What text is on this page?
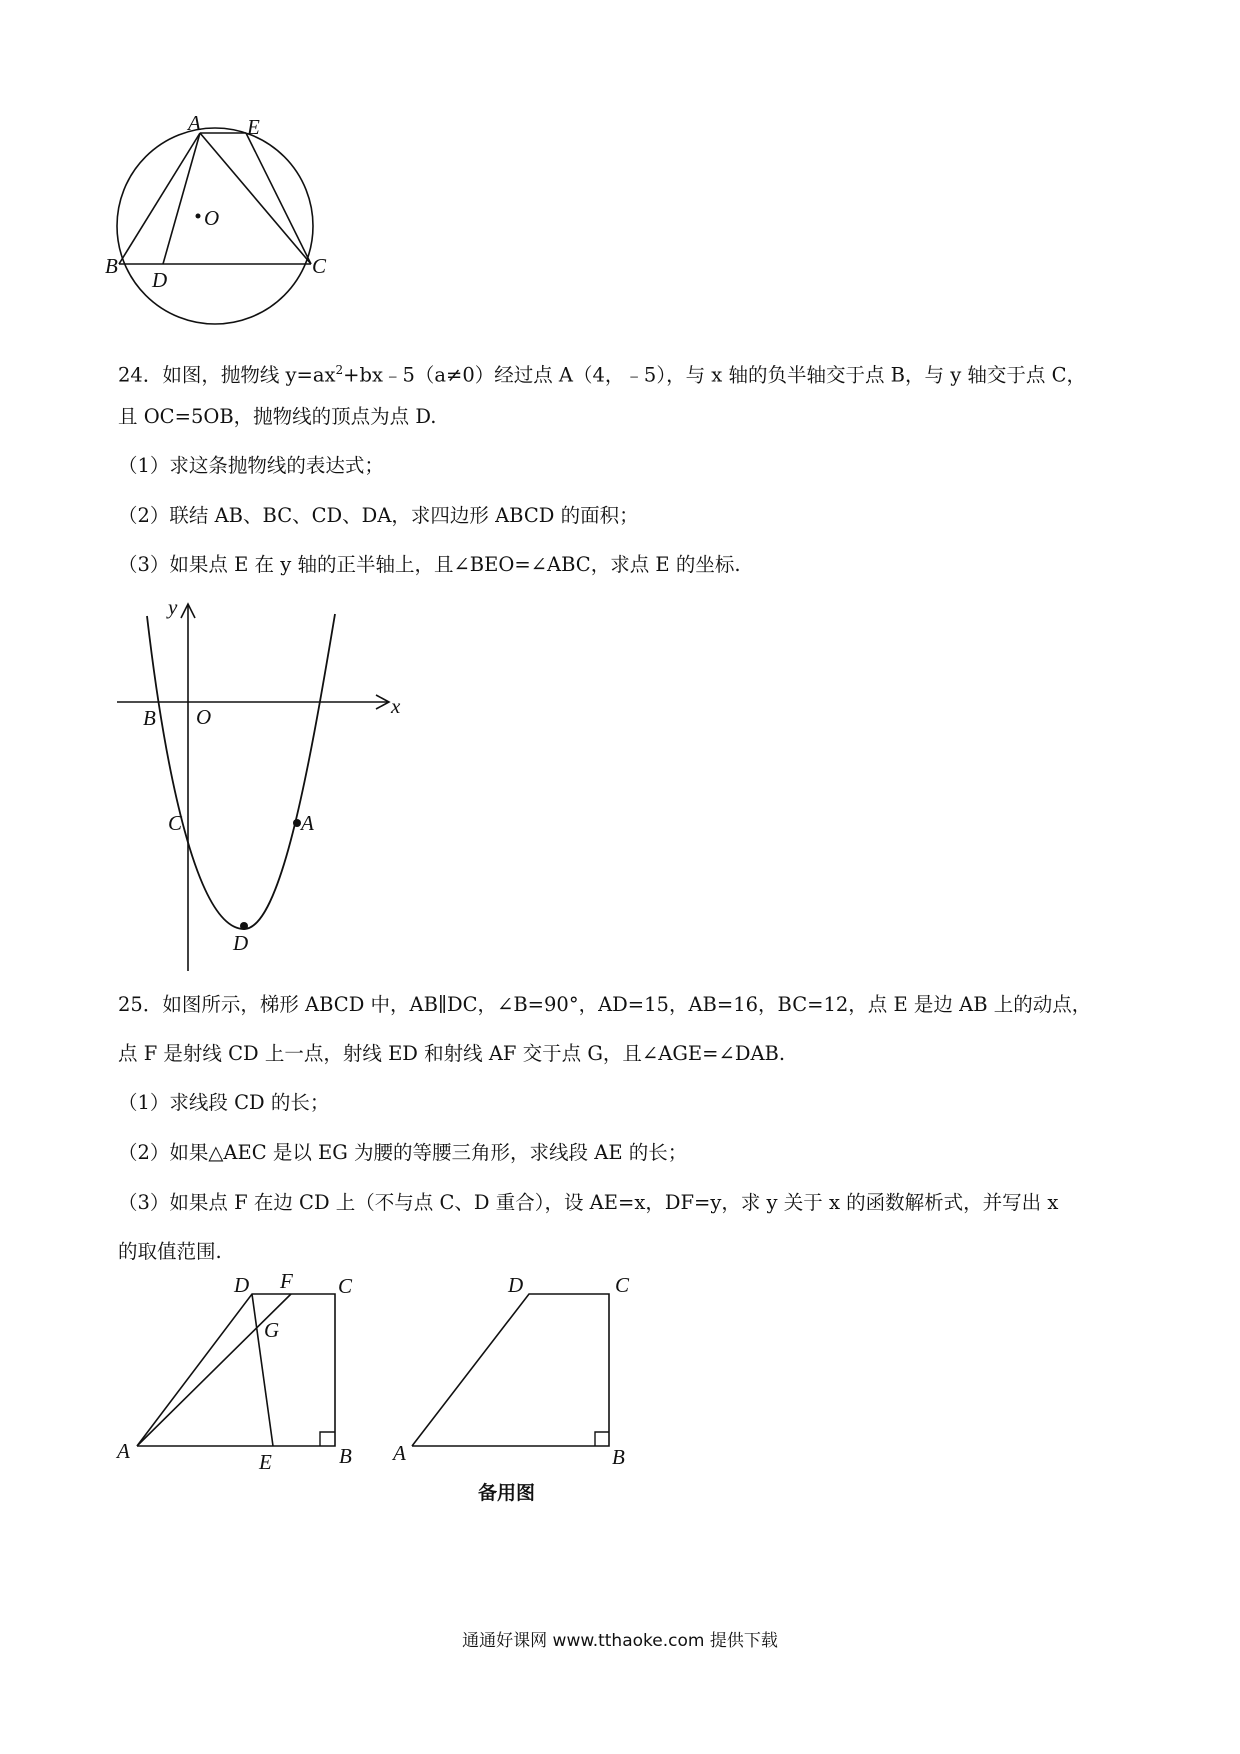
A E
O
B
D
C
24．如图，抛物线 $y=ax^2+bx﹣5(a\ne 0)$经过点 A（4，﹣5），与 x 轴的负半轴交于点 B，与 y 轴交于点 C，
且 OC=5OB，抛物线的顶点为点 D.
（1）求这条抛物线的表达式；
（2）联结 AB、BC、CD、DA，求四边形 ABCD 的面积；
（3）如果点 E 在 y 轴的正半轴上，且∠BEO=∠ABC，求点 E 的坐标.
y
x
B O
C	A
D
25．如图所示，梯形 ABCD 中，AB∥DC，∠B=90°，AD=15，AB=16，BC=12，点 E 是边 AB 上的动点，
点 F 是射线 CD 上一点，射线 ED 和射线 AF 交于点 G，且∠AGE=∠DAB.
（1）求线段 CD 的长；
（2）如果△AEC 是以 EG 为腰的等腰三角形，求线段 AE 的长；
（3）如果点 F 在边 CD 上（不与点 C、D 重合），设 AE=x，DF=y，求 y 关于 x 的函数解析式，并写出 x
的取值范围.
D F C
G
A	E	B
D	C
A	B
备用图
通通好课网 www.tthaoke.com 提供下载
